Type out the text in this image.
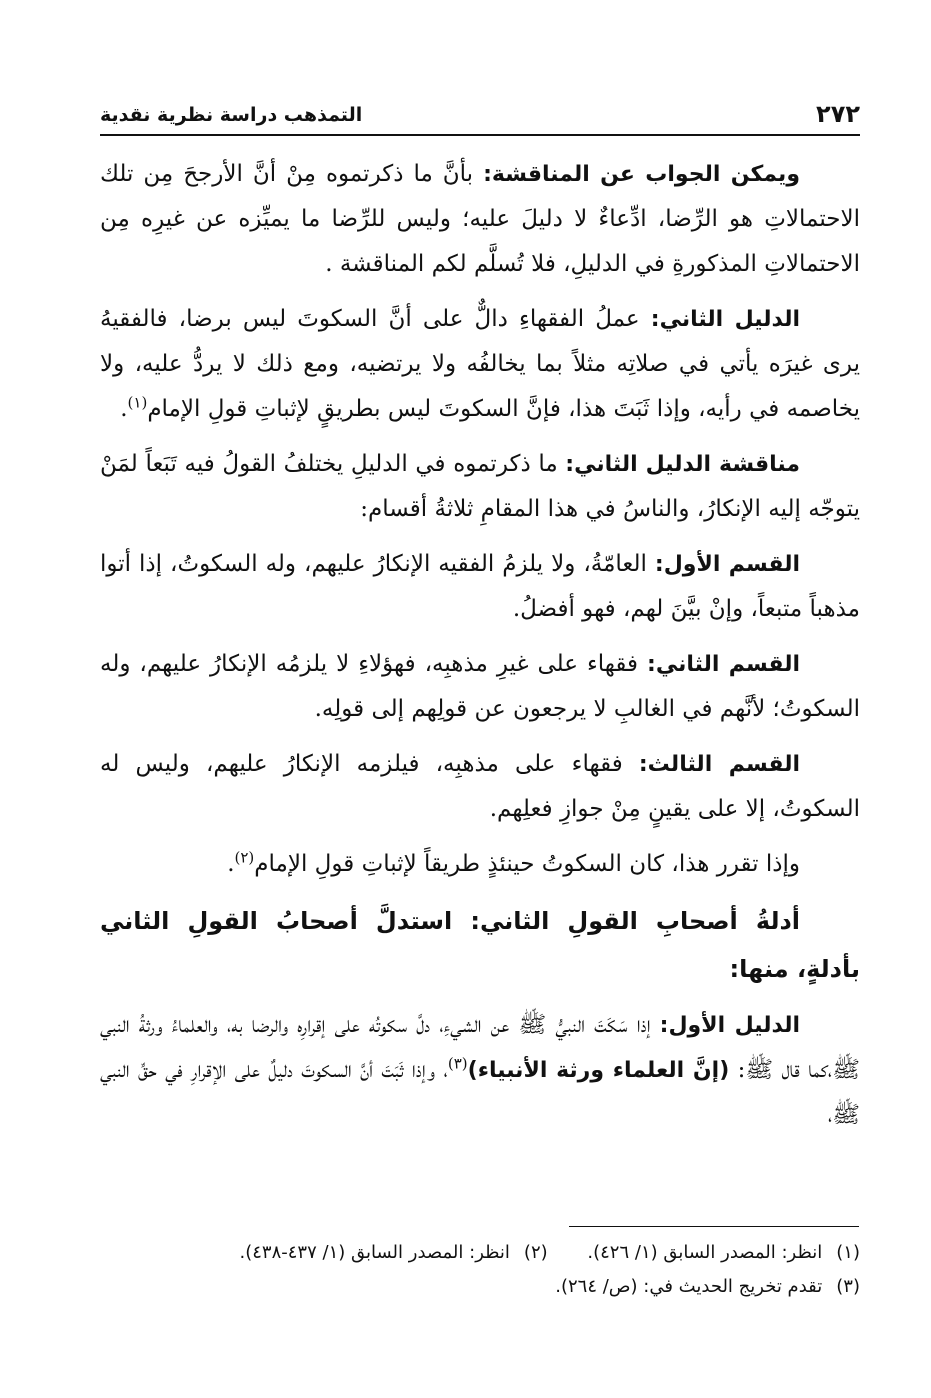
٢٧٢
التمذهب دراسة نظرية نقدية

ويمكن الجواب عن المناقشة: بأنَّ ما ذكرتموه مِنْ أنَّ الأرجحَ مِن تلك الاحتمالاتِ هو الرِّضا، ادِّعاءٌ لا دليلَ عليه؛ وليس للرِّضا ما يميِّزه عن غيرِه مِن الاحتمالاتِ المذكورةِ في الدليلِ، فلا تُسلَّم لكم المناقشة .

الدليل الثاني: عملُ الفقهاءِ دالٌّ على أنَّ السكوتَ ليس برضا، فالفقيهُ يرى غيرَه يأتي في صلاتِه مثلاً بما يخالفُه ولا يرتضيه، ومع ذلك لا يردُّ عليه، ولا يخاصمه في رأيه، وإذا ثَبَتَ هذا، فإنَّ السكوتَ ليس بطريقٍ لإثباتِ قولِ الإمام$^{(١)}$.

مناقشة الدليل الثاني: ما ذكرتموه في الدليلِ يختلفُ القولُ فيه تَبَعاً لمَنْ يتوجّه إليه الإنكارُ، والناسُ في هذا المقامِ ثلاثةُ أقسام:

القسم الأول: العامّةُ، ولا يلزمُ الفقيه الإنكارُ عليهم، وله السكوتُ، إذا أتوا مذهباً متبعاً، وإنْ بيَّنَ لهم، فهو أفضلُ.

القسم الثاني: فقهاء على غيرِ مذهبِه، فهؤلاءِ لا يلزمُه الإنكارُ عليهم، وله السكوتُ؛ لأنَّهم في الغالبِ لا يرجعون عن قولِهم إلى قولِه.

القسم الثالث: فقهاء على مذهبِه، فيلزمه الإنكارُ عليهم، وليس له السكوتُ، إلا على يقينٍ مِنْ جوازِ فعلِهم.

وإذا تقرر هذا، كان السكوتُ حينئذٍ طريقاً لإثباتِ قولِ الإمام$^{(٢)}$.

أدلةُ أصحابِ القولِ الثاني: استدلَّ أصحابُ القولِ الثاني بأدلةٍ، منها:

الدليل الأول: إذا سَكَتَ النبيُّ ﷺ عن الشيءِ، دلَّ سكوتُه على إقرارِه والرضا به، والعلماءُ ورثةُ النبي ﷺ،كما قال ﷺ: (إنَّ العلماء ورثة الأنبياء)$^{(٣)}$، وإذا ثَبَتَ أنَّ السكوتَ دليلٌ على الإقرارِ في حقِّ النبي ﷺ،

(١)انظر: المصدر السابق (١/ ٤٢٦). (٢)انظر: المصدر السابق (١/ ٤٣٧-٤٣٨).
(٣)تقدم تخريج الحديث في: (ص/ ٢٦٤).
